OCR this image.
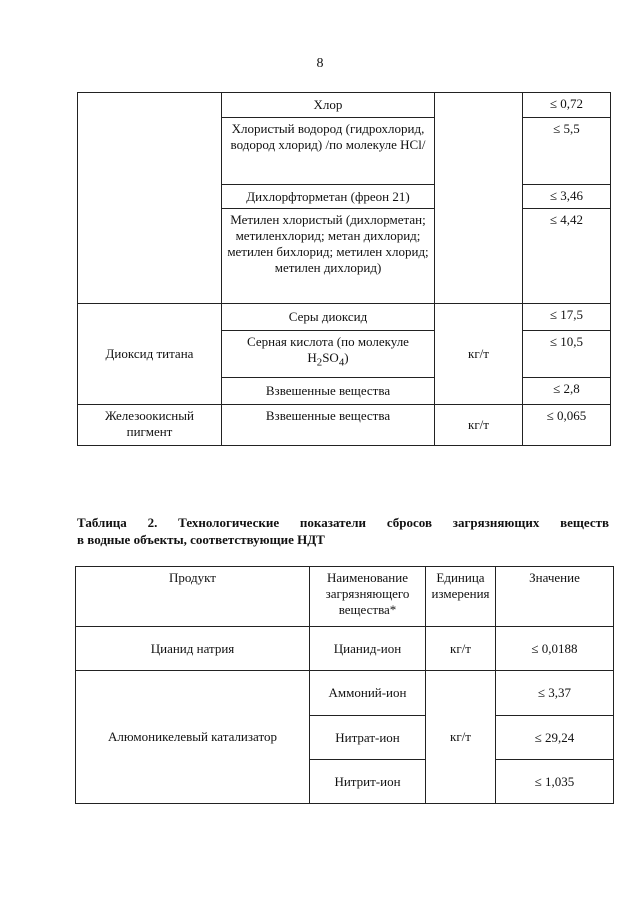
8
	Хлор		≤ 0,72
	Хлористый водород (гидрохлорид, водород хлорид) /по молекуле HCl/		≤ 5,5
	Дихлорфторметан (фреон 21)		≤ 3,46
	Метилен хлористый (дихлорметан; метиленхлорид; метан дихлорид; метилен бихлорид; метилен хлорид; метилен дихлорид)		≤ 4,42
Диоксид титана	Серы диоксид	кг/т	≤ 17,5
	Серная кислота (по молекуле $H_2SO_4$)		≤ 10,5
	Взвешенные вещества		≤ 2,8
Железоокисный пигмент	Взвешенные вещества	кг/т	≤ 0,065
Таблица 2. Технологические показатели сбросов загрязняющих веществ
в водные объекты, соответствующие НДТ
Продукт	Наименование загрязняющего вещества*	Единица измерения	Значение
Цианид натрия	Цианид-ион	кг/т	≤ 0,0188
Алюмоникелевый катализатор	Аммоний-ион	кг/т	≤ 3,37
	Нитрат-ион		≤ 29,24
	Нитрит-ион		≤ 1,035
